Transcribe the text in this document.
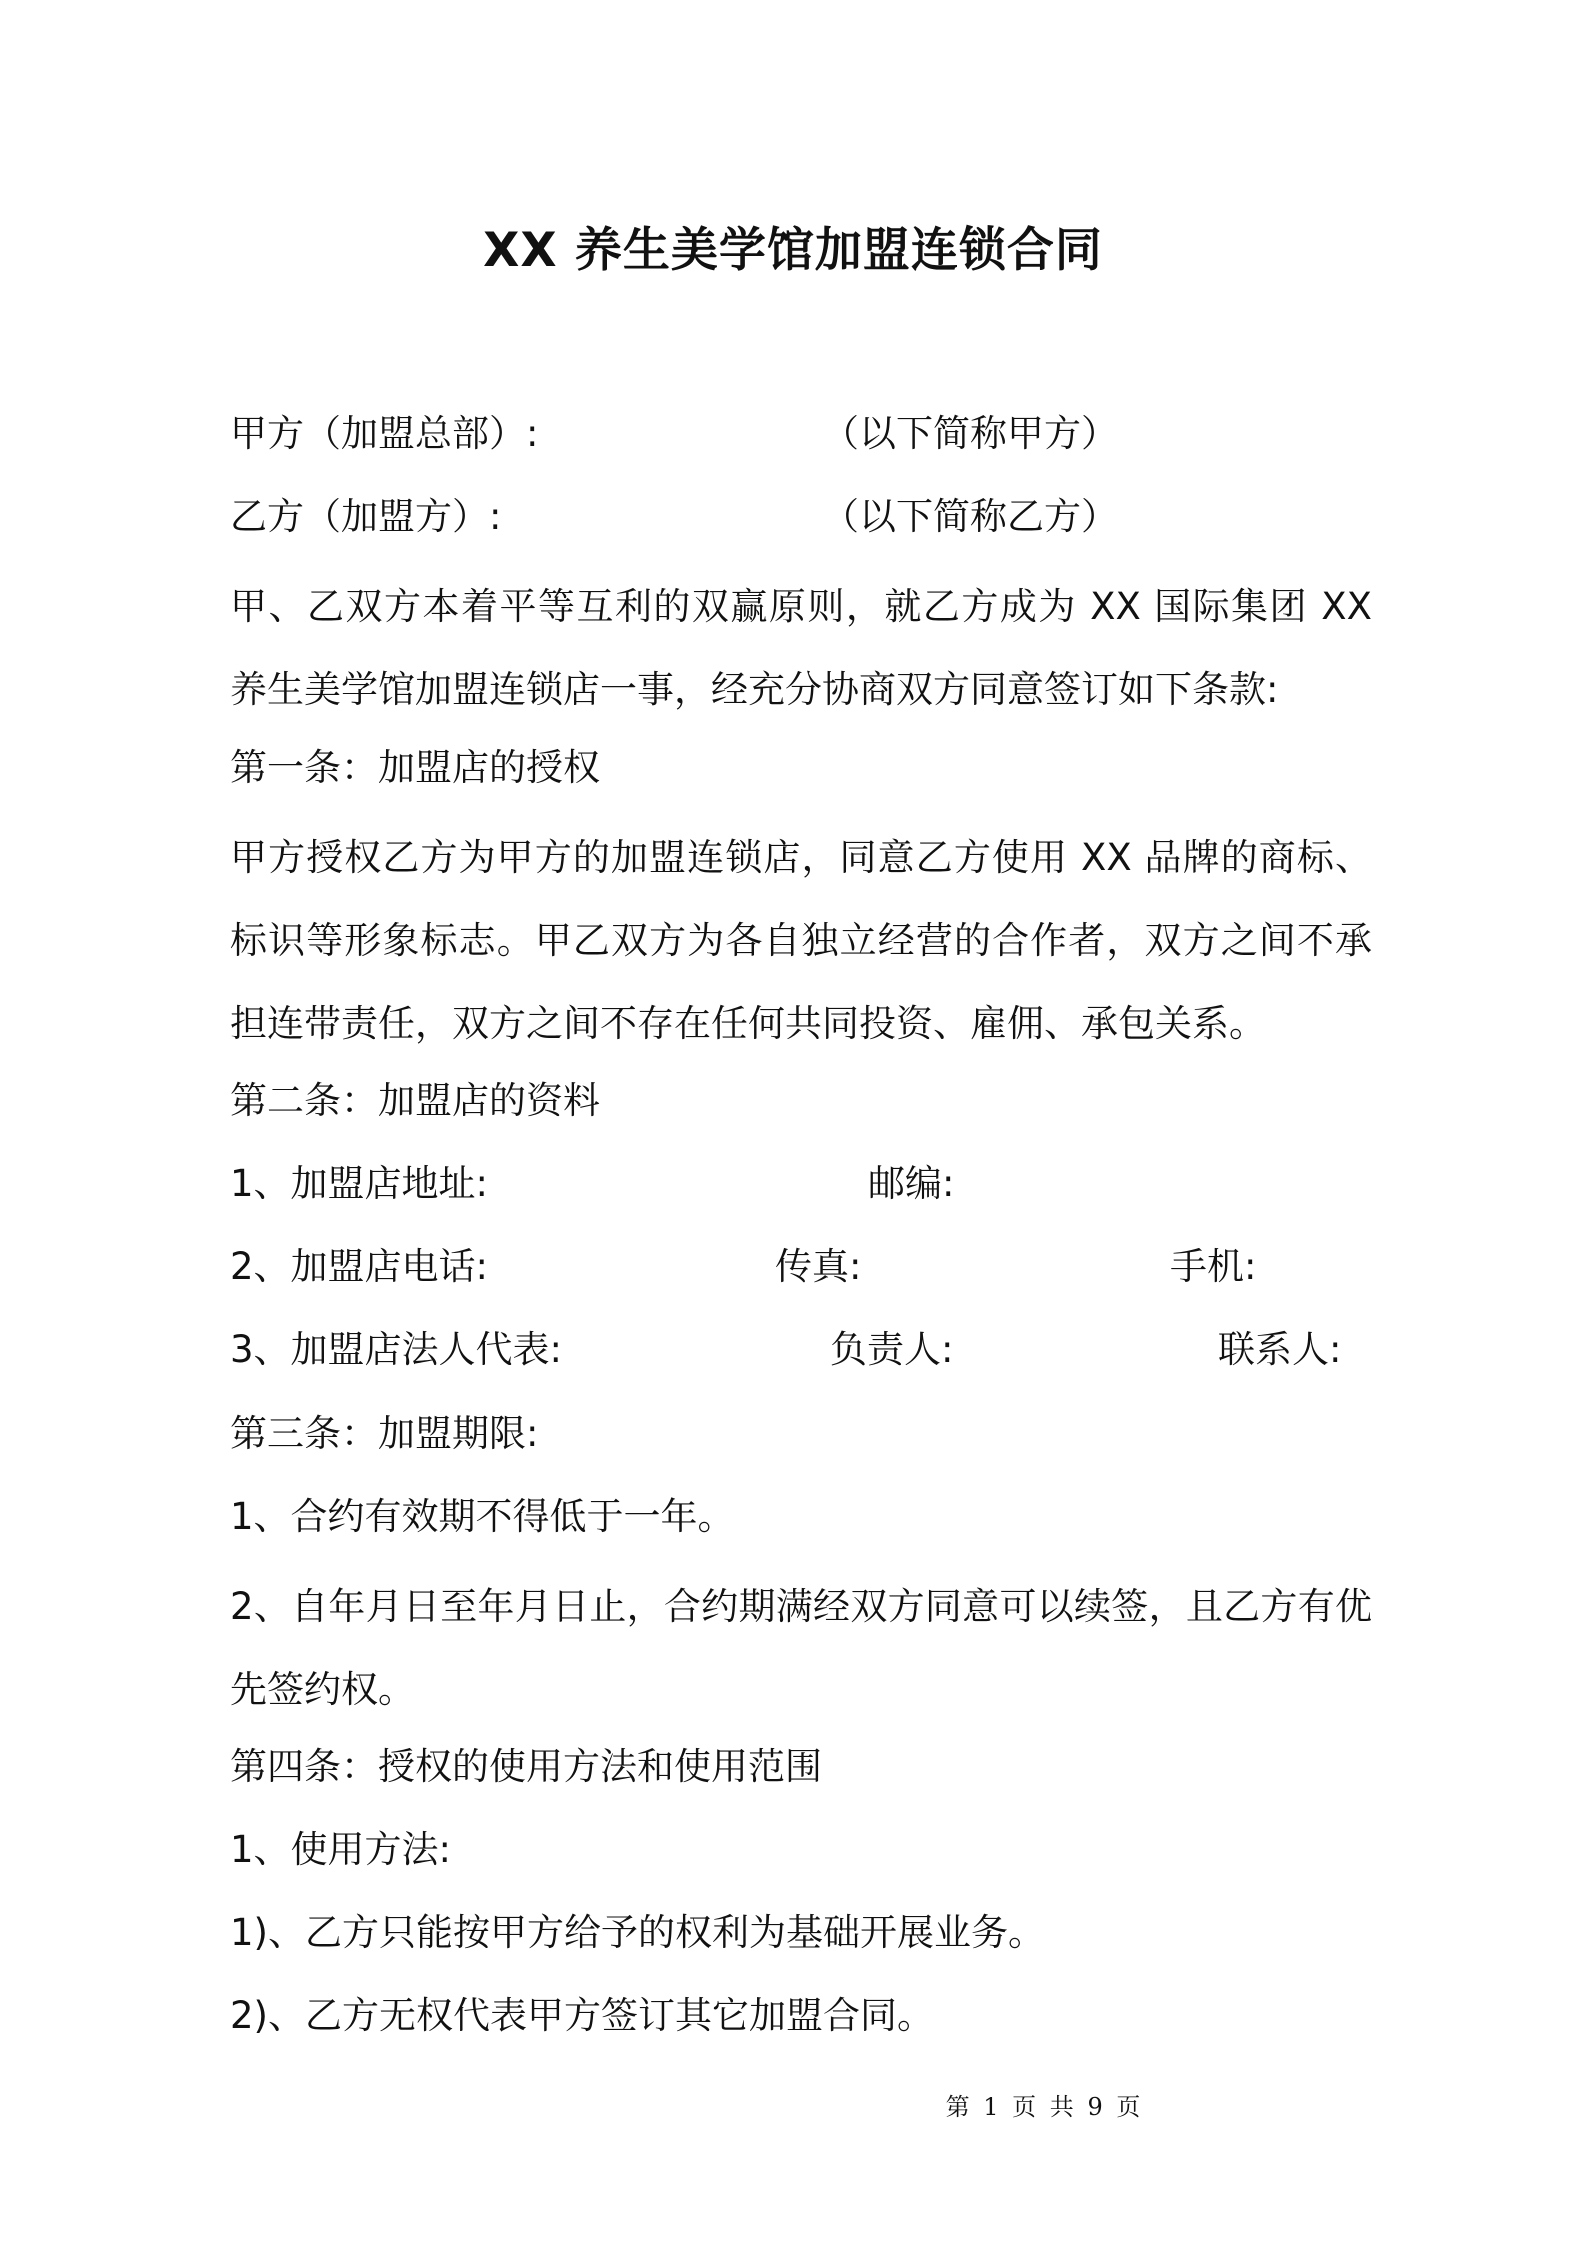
XX 养生美学馆加盟连锁合同
甲方（加盟总部）:	（以下简称甲方）
乙方（加盟方）:	（以下简称乙方）

甲、乙双方本着平等互利的双赢原则，就乙方成为 XX 国际集团 XX 养生美学馆加盟连锁店一事，经充分协商双方同意签订如下条款:

第一条：加盟店的授权

甲方授权乙方为甲方的加盟连锁店，同意乙方使用 XX 品牌的商标、标识等形象标志。甲乙双方为各自独立经营的合作者，双方之间不承担连带责任，双方之间不存在任何共同投资、雇佣、承包关系。

第二条：加盟店的资料
1、加盟店地址:	邮编:
2、加盟店电话:	传真:	手机:
3、加盟店法人代表:	负责人:	联系人:
第三条：加盟期限:
1、合约有效期不得低于一年。

2、自年月日至年月日止，合约期满经双方同意可以续签，且乙方有优先签约权。

第四条：授权的使用方法和使用范围
1、使用方法:
1)、乙方只能按甲方给予的权利为基础开展业务。
2)、乙方无权代表甲方签订其它加盟合同。
第 1 页 共 9 页
